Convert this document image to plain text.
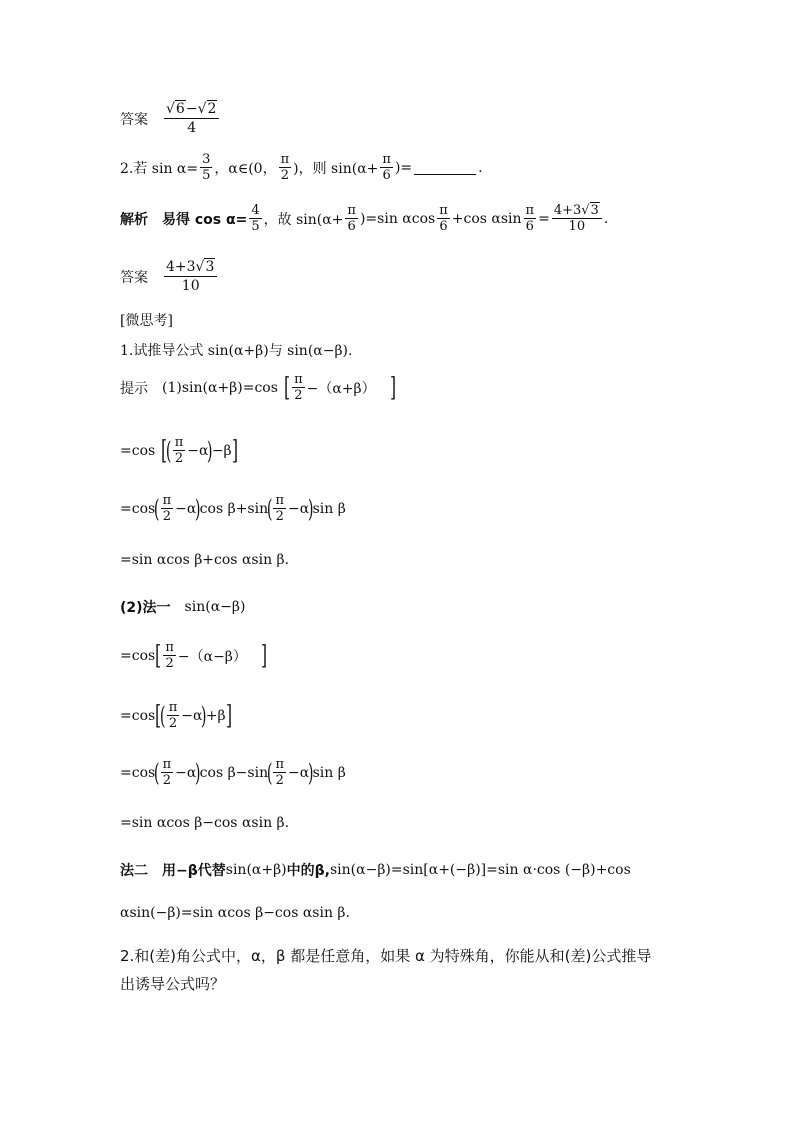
答案 $\frac{√6-√2}{4}$
2.若 $\sin \alpha= \frac{3}{5}$ ，α∈(0， $\frac{\pi}{2}$ )，则 $\sin(\alpha+ \frac{\pi}{6}$ )=	.
解析 易得 $\cos \alpha= \frac{4}{5}$ ，故 $\sin(\alpha+ \frac{\pi}{6} )=\sin$ αcos $\frac{\pi}{6} +\cos$ αsin $\frac{\pi}{6} = \frac{4+3√3}{10}$ .
答案 $\frac{4+3√3}{10}$
[微思考]
1.试推导公式 sin(α+β)与 sin(α−β).
提示 (1)sin(α+β)=cos [ $\frac{\pi}{2} -(\alpha+\beta)$ ]
=cos [
( $\frac{\pi}{2} -\alpha$
)
−β ]
=cos
( $\frac{\pi}{2} -\alpha$
)
cos β+sin
( $\frac{\pi}{2} -\alpha$
)
sin β
=sin αcos β+cos αsin β.
(2)法一 sin(α−β)
=cos [ $\frac{\pi}{2} -(\alpha-\beta)$ ]
=cos [
( $\frac{\pi}{2} -\alpha$
)
+β ]
=cos
( $\frac{\pi}{2} -\alpha$
)
cos β−sin
( $\frac{\pi}{2} -\alpha$
)
sin β
=sin αcos β−cos αsin β.
法二 用−β代替 sin(α+β) 中的β, sin(α−β)=sin[α+(−β)]=sin α·cos (−β)+cos
αsin(−β)=sin αcos β−cos αsin β.
2.和(差)角公式中，α，β 都是任意角，如果 α 为特殊角，你能从和(差)公式推导
出诱导公式吗？
